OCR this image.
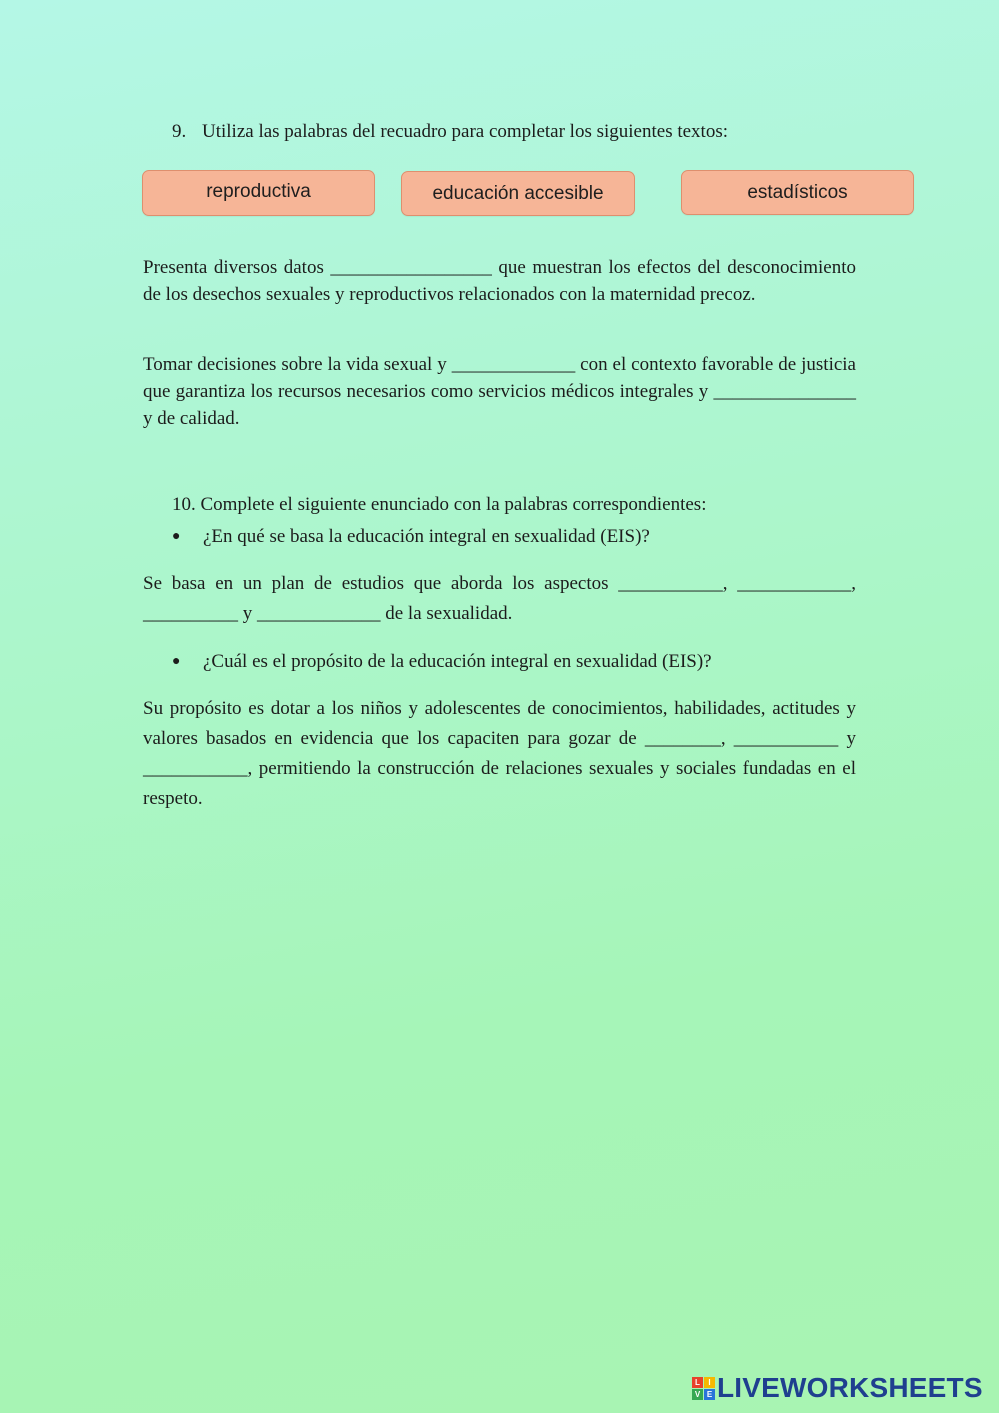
9. Utiliza las palabras del recuadro para completar los siguientes textos:
reproductiva	educación accesible	estadísticos

Presenta diversos datos _________________ que muestran los efectos del desconocimiento de los desechos sexuales y reproductivos relacionados con la maternidad precoz.

Tomar decisiones sobre la vida sexual y _____________ con el contexto favorable de justicia que garantiza los recursos necesarios como servicios médicos integrales y _______________ y de calidad.

10. Complete el siguiente enunciado con la palabras correspondientes:
● ¿En qué se basa la educación integral en sexualidad (EIS)?

Se basa en un plan de estudios que aborda los aspectos ___________, ____________, __________ y _____________ de la sexualidad.

● ¿Cuál es el propósito de la educación integral en sexualidad (EIS)?

Su propósito es dotar a los niños y adolescentes de conocimientos, habilidades, actitudes y valores basados en evidencia que los capaciten para gozar de ________, ___________ y ___________, permitiendo la construcción de relaciones sexuales y sociales fundadas en el respeto.

L	I
V E LIVEWORKSHEETS
